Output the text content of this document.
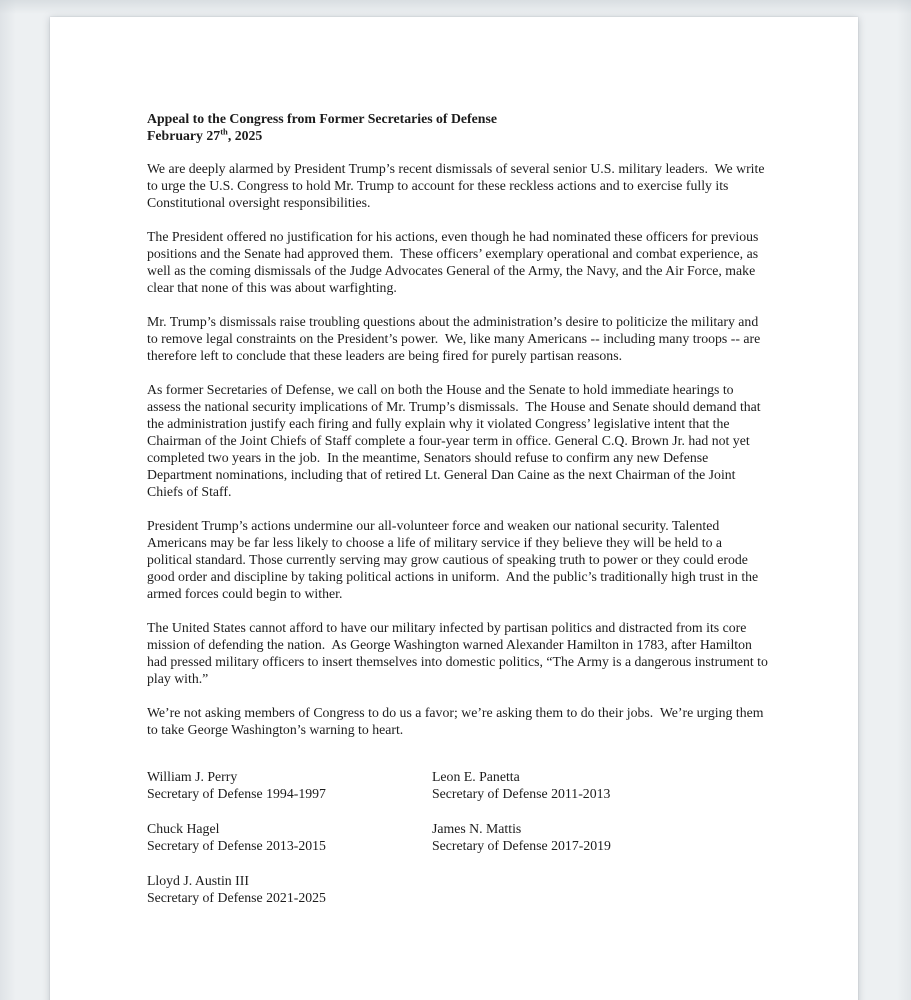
Appeal to the Congress from Former Secretaries of Defense
February 27th, 2025

We are deeply alarmed by President Trump’s recent dismissals of several senior U.S. military leaders.  We write to urge the U.S. Congress to hold Mr. Trump to account for these reckless actions and to exercise fully its Constitutional oversight responsibilities.

The President offered no justification for his actions, even though he had nominated these officers for previous positions and the Senate had approved them.  These officers’ exemplary operational and combat experience, as well as the coming dismissals of the Judge Advocates General of the Army, the Navy, and the Air Force, make clear that none of this was about warfighting.

Mr. Trump’s dismissals raise troubling questions about the administration’s desire to politicize the military and to remove legal constraints on the President’s power.  We, like many Americans -- including many troops -- are therefore left to conclude that these leaders are being fired for purely partisan reasons.

As former Secretaries of Defense, we call on both the House and the Senate to hold immediate hearings to assess the national security implications of Mr. Trump’s dismissals.  The House and Senate should demand that the administration justify each firing and fully explain why it violated Congress’ legislative intent that the Chairman of the Joint Chiefs of Staff complete a four-year term in office. General C.Q. Brown Jr. had not yet completed two years in the job.  In the meantime, Senators should refuse to confirm any new Defense Department nominations, including that of retired Lt. General Dan Caine as the next Chairman of the Joint Chiefs of Staff.

President Trump’s actions undermine our all-volunteer force and weaken our national security. Talented Americans may be far less likely to choose a life of military service if they believe they will be held to a political standard. Those currently serving may grow cautious of speaking truth to power or they could erode good order and discipline by taking political actions in uniform.  And the public’s traditionally high trust in the armed forces could begin to wither.

The United States cannot afford to have our military infected by partisan politics and distracted from its core mission of defending the nation.  As George Washington warned Alexander Hamilton in 1783, after Hamilton had pressed military officers to insert themselves into domestic politics, “The Army is a dangerous instrument to play with.”

We’re not asking members of Congress to do us a favor; we’re asking them to do their jobs.  We’re urging them to take George Washington’s warning to heart.

William J. Perry
Secretary of Defense 1994-1997
Leon E. Panetta
Secretary of Defense 2011-2013
Chuck Hagel
Secretary of Defense 2013-2015
James N. Mattis
Secretary of Defense 2017-2019
Lloyd J. Austin III
Secretary of Defense 2021-2025
